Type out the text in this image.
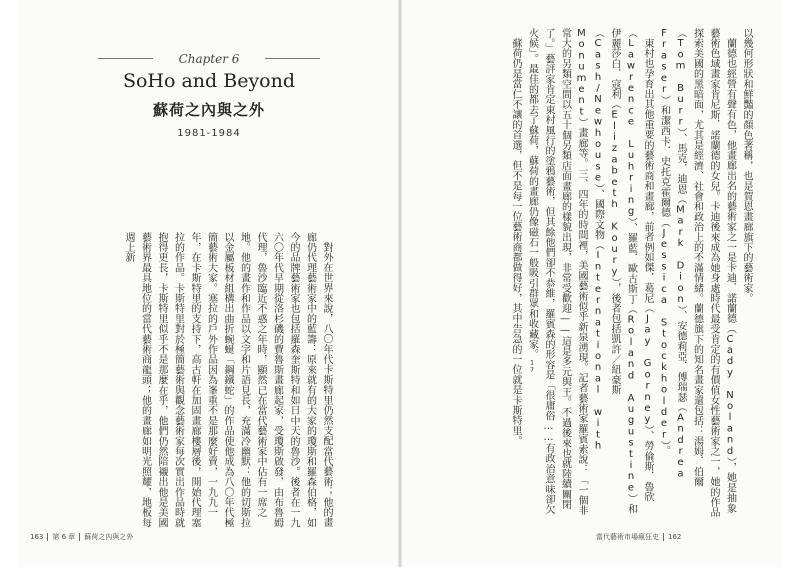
Chapter 6
SoHo and Beyond
蘇荷之內與之外
1981-1984

對外在世界來說，八〇年代卡斯特里仍然支配當代藝術；他的畫廊仍代理藝術家中的藍籌：原來就有的大家的瓊斯和羅森伯格，如今的品牌藝術家也包括羅森奎斯特和如日中天的魯沙。後者在一九六〇年代早期從洛杉磯的費魯斯畫廊起家，受瓊斯啟發，由布魯姆代理，魯沙臨近不惑之年時，顯然已在當代藝術家中佔有一席之地。他的畫作和作品以文字和片語見長，充滿冷幽默：他的切斯拉以金屬板材組構出曲折蜿蜒「鋼鐵蛇」的作品使他成為八〇年代極簡藝術大家。塞拉的戶外作品因為峯重不是那麼好賣，一九九一年，在卡斯特里的支持下，高古軒在加固畫廊樓層後，開始代理塞拉的作品。卡斯特里對於極簡藝術與觀念藝術家每次實出作品時就抱得更長，卡斯特里似乎不是那麼在乎，他們仍然陪襯出他是美國藝術界最具地位的當代藝術商龍頭；他的畫廊如明光照耀，地板每週上新	以幾何形狀和鮮豔的顏色著稱，也是賀恩畫廊旗下的藝術家。

蘭德也經營有聲有色，他畫廊出名的藝術家之一是卡迪．諾蘭德（Cady Noland），她是抽象藝術色域畫家肯尼斯．諾蘭德的女兒。卡迪後來成為她身處時代最受肯定的有價值女性藝術家之一，她的作品探索美國的黑暗面，尤其是經濟、社會和政治上的不滿情緒。蘭德旗下的知名畫家還包括：湯姆．伯爾（Tom Burr）、馬克．迪恩（Mark Dion）、安德莉亞．傅瑞瑟（Andrea Fraser）和潔西卡．史托克霍爾德（Jessica Stockholder）。

東村也孕育出其他重要的藝術商和畫廊，前者例如傑．葛尼（Jay Gorney）、勞倫斯．魯欣（Lawrence Luhring）、羅藍．歐古斯丁（Roland Augustine）和伊麗莎白．寇利（Elizabeth Koury），後者包括凱許／紐豪斯（Cash/Newhouse）、國際文物（International with Monument）畫廊等。三、四年的時間裡，美國藝術似乎新泉湧現。記者藝術家羅賓索說：「一個非常大的另類空間以五十個另類店面畫廊的樣貌出現，非常受歡迎——這是多元與王。不過後來也就陸續關閉了。」藝評家肯定東村風行的塗鴉藝術，但其餘他們卻不恭維，羅賓森的形容是「很庸俗……有政治意味卻欠火候」。最佳的都去了蘇荷，蘇荷的畫廊仍像磁石一般吸引群眾和收藏家。17

蘇荷仍是當仁不讓的首選，但不是每一位藝術商都做得好，其中告急的一位就是卡斯特里。

163 第 6 章 蘇荷之內與之外	當代藝術市場瘋狂史 162
